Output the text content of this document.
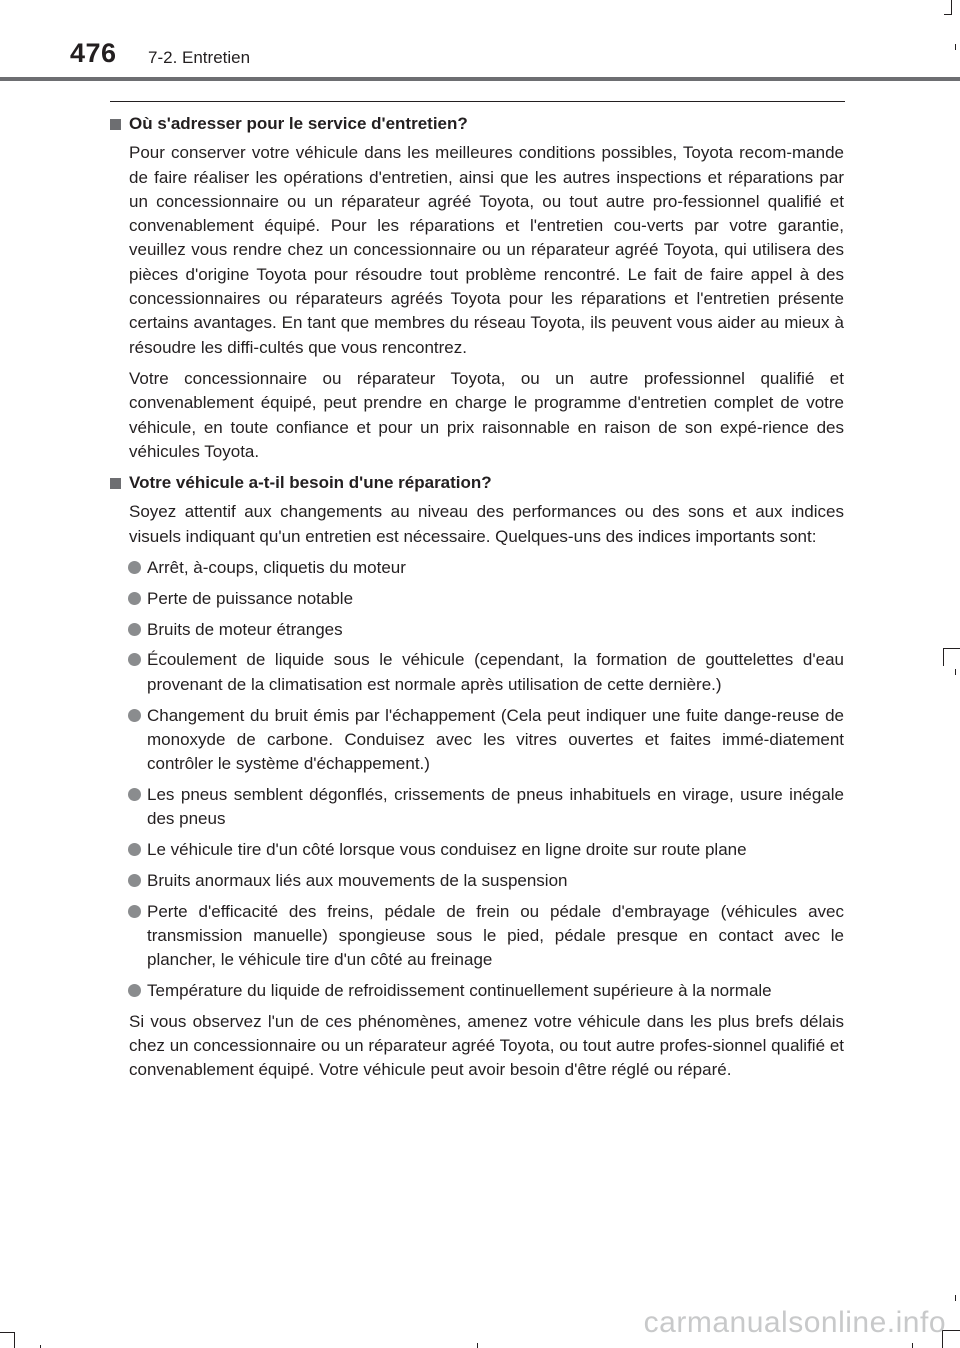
476 7-2. Entretien
Où s'adresser pour le service d'entretien?

Pour conserver votre véhicule dans les meilleures conditions possibles, Toyota recom-mande de faire réaliser les opérations d'entretien, ainsi que les autres inspections et réparations par un concessionnaire ou un réparateur agréé Toyota, ou tout autre pro-fessionnel qualifié et convenablement équipé. Pour les réparations et l'entretien cou-verts par votre garantie, veuillez vous rendre chez un concessionnaire ou un réparateur agréé Toyota, qui utilisera des pièces d'origine Toyota pour résoudre tout problème rencontré. Le fait de faire appel à des concessionnaires ou réparateurs agréés Toyota pour les réparations et l'entretien présente certains avantages. En tant que membres du réseau Toyota, ils peuvent vous aider au mieux à résoudre les diffi-cultés que vous rencontrez.

Votre concessionnaire ou réparateur Toyota, ou un autre professionnel qualifié et convenablement équipé, peut prendre en charge le programme d'entretien complet de votre véhicule, en toute confiance et pour un prix raisonnable en raison de son expé-rience des véhicules Toyota.

Votre véhicule a-t-il besoin d'une réparation?

Soyez attentif aux changements au niveau des performances ou des sons et aux indices visuels indiquant qu'un entretien est nécessaire. Quelques-uns des indices importants sont:

Arrêt, à-coups, cliquetis du moteur
Perte de puissance notable
Bruits de moteur étranges
Écoulement de liquide sous le véhicule (cependant, la formation de gouttelettes d'eau provenant de la climatisation est normale après utilisation de cette dernière.)
Changement du bruit émis par l'échappement (Cela peut indiquer une fuite dange-reuse de monoxyde de carbone. Conduisez avec les vitres ouvertes et faites immé-diatement contrôler le système d'échappement.)
Les pneus semblent dégonflés, crissements de pneus inhabituels en virage, usure inégale des pneus
Le véhicule tire d'un côté lorsque vous conduisez en ligne droite sur route plane
Bruits anormaux liés aux mouvements de la suspension
Perte d'efficacité des freins, pédale de frein ou pédale d'embrayage (véhicules avec transmission manuelle) spongieuse sous le pied, pédale presque en contact avec le plancher, le véhicule tire d'un côté au freinage
Température du liquide de refroidissement continuellement supérieure à la normale

Si vous observez l'un de ces phénomènes, amenez votre véhicule dans les plus brefs délais chez un concessionnaire ou un réparateur agréé Toyota, ou tout autre profes-sionnel qualifié et convenablement équipé. Votre véhicule peut avoir besoin d'être réglé ou réparé.

carmanualsonline.info
